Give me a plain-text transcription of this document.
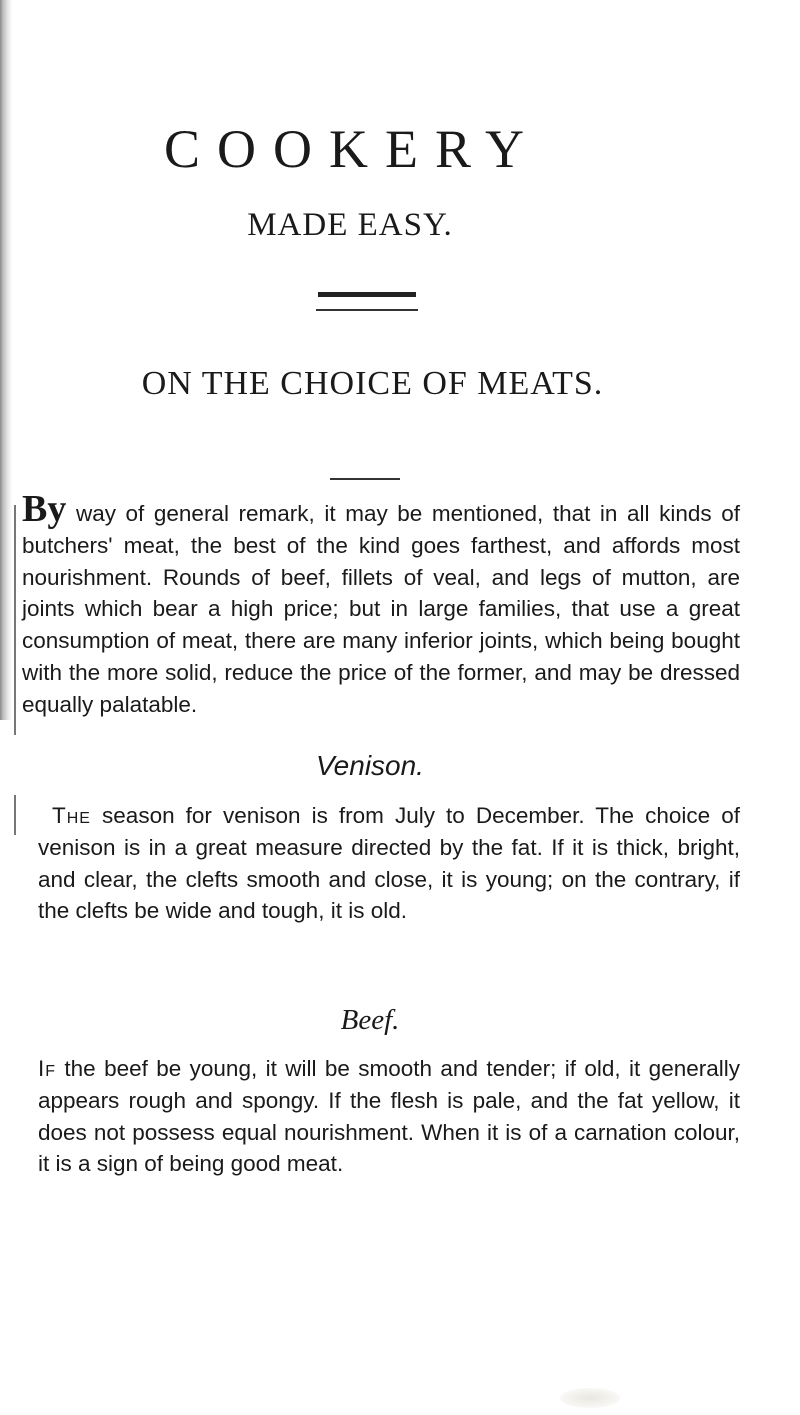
COOKERY
MADE EASY.
ON THE CHOICE OF MEATS.

By way of general remark, it may be mentioned, that in all kinds of butchers' meat, the best of the kind goes farthest, and affords most nourishment. Rounds of beef, fillets of veal, and legs of mutton, are joints which bear a high price; but in large families, that use a great consumption of meat, there are many inferior joints, which being bought with the more solid, reduce the price of the former, and may be dressed equally palatable.

Venison.

The season for venison is from July to December. The choice of venison is in a great measure directed by the fat. If it is thick, bright, and clear, the clefts smooth and close, it is young; on the contrary, if the clefts be wide and tough, it is old.

Beef.

If the beef be young, it will be smooth and tender; if old, it generally appears rough and spongy. If the flesh is pale, and the fat yellow, it does not possess equal nourishment. When it is of a carnation colour, it is a sign of being good meat.
